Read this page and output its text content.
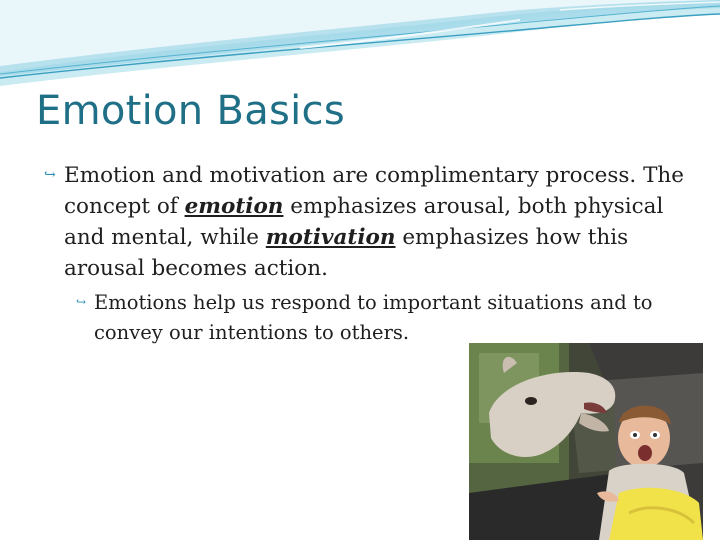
Emotion Basics
↪ Emotion and motivation are complimentary process. The concept of emotion emphasizes arousal, both physical and mental, while motivation emphasizes how this arousal becomes action.
↪ Emotions help us respond to important situations and to convey our intentions to others.
